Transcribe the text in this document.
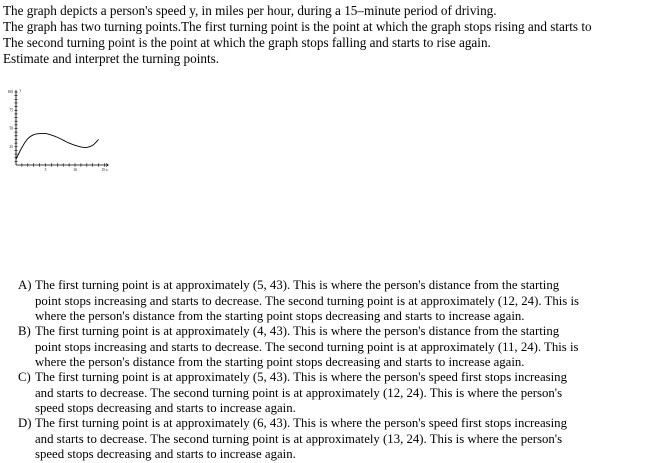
The graph depicts a person's speed y, in miles per hour, during a 15–minute period of driving.
The graph has two turning points.The first turning point is the point at which the graph stops rising and starts to
The second turning point is the point at which the graph stops falling and starts to rise again.
Estimate and interpret the turning points.
5	10	15 x
25
50
75
100 y
A) The first turning point is at approximately (5, 43). This is where the person's distance from the starting
point stops increasing and starts to decrease. The second turning point is at approximately (12, 24). This is
where the person's distance from the starting point stops decreasing and starts to increase again.
B) The first turning point is at approximately (4, 43). This is where the person's distance from the starting
point stops increasing and starts to decrease. The second turning point is at approximately (11, 24). This is
where the person's distance from the starting point stops decreasing and starts to increase again.
C) The first turning point is at approximately (5, 43). This is where the person's speed first stops increasing
and starts to decrease. The second turning point is at approximately (12, 24). This is where the person's
speed stops decreasing and starts to increase again.
D) The first turning point is at approximately (6, 43). This is where the person's speed first stops increasing
and starts to decrease. The second turning point is at approximately (13, 24). This is where the person's
speed stops decreasing and starts to increase again.
